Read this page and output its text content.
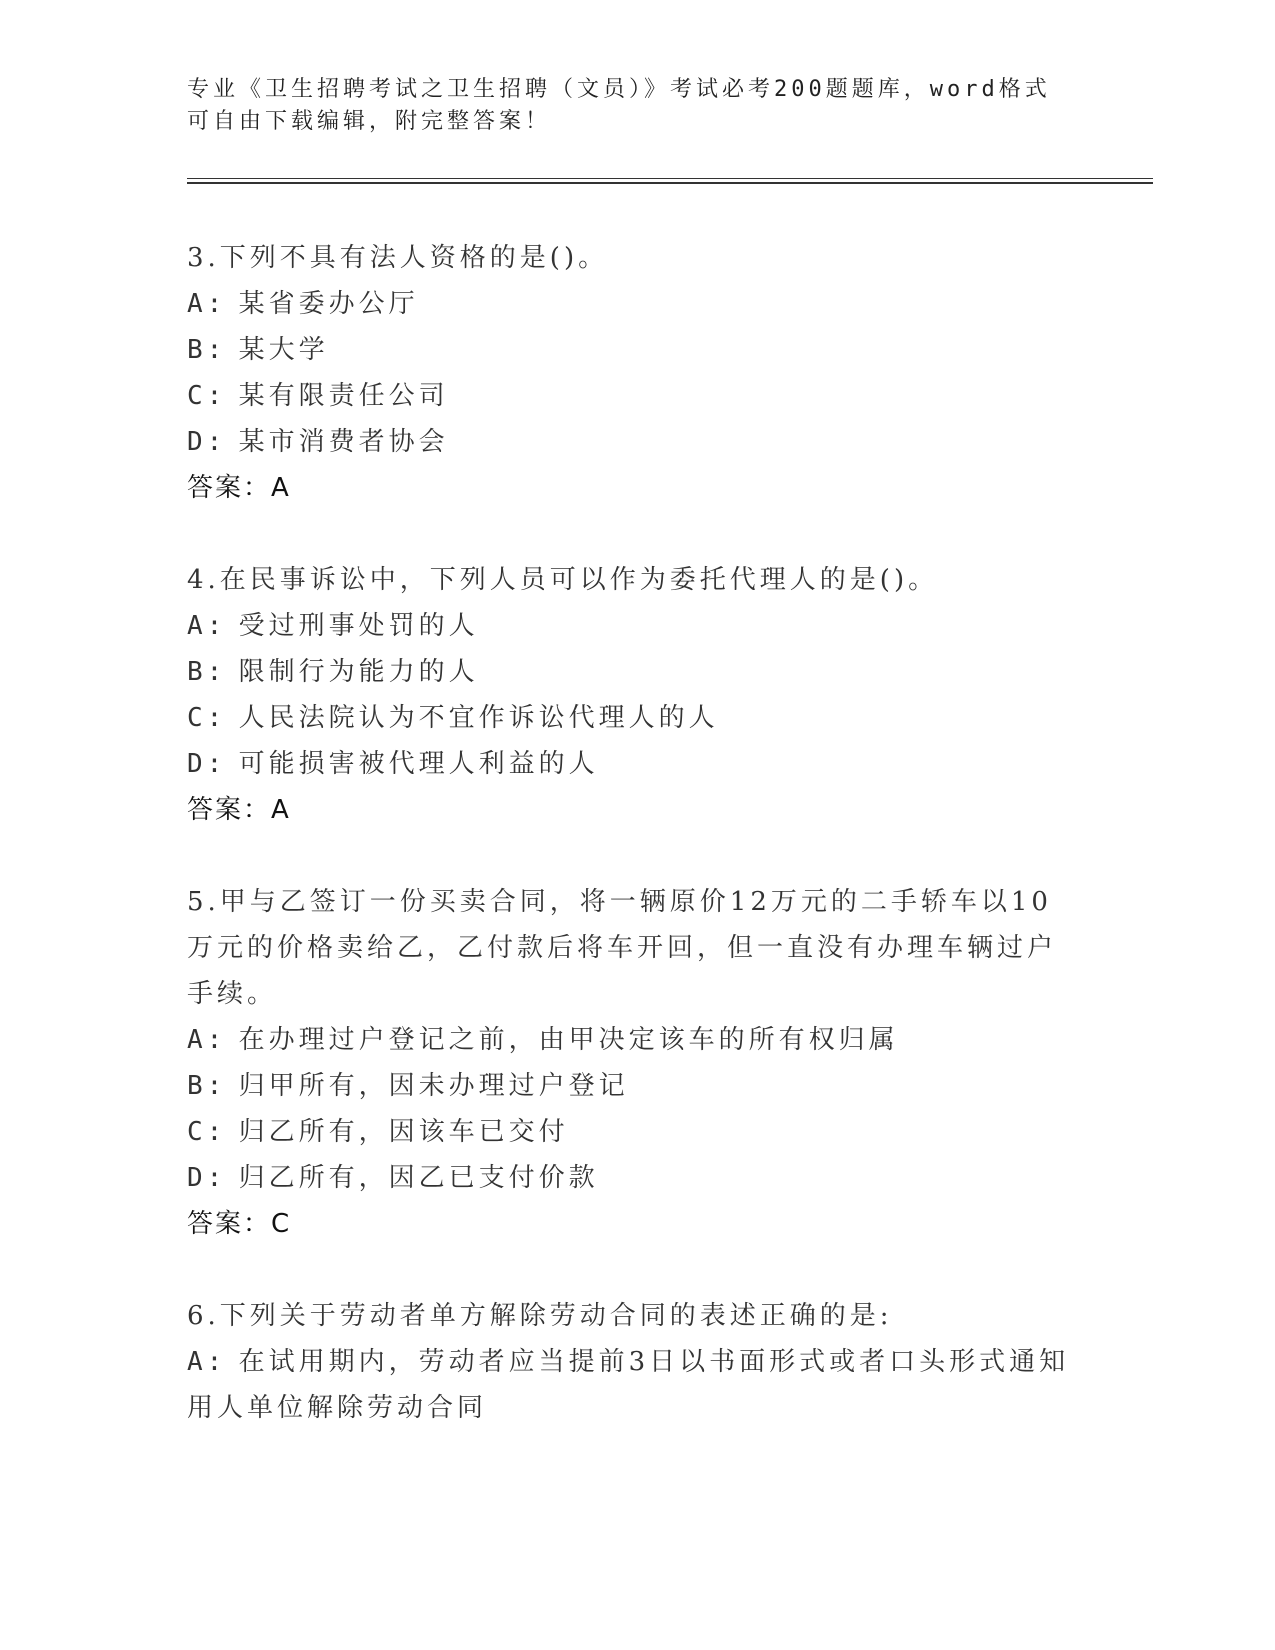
专业《卫生招聘考试之卫生招聘（文员）》考试必考200题题库，word格式可自由下载编辑，附完整答案！
3.下列不具有法人资格的是()。
A: 某省委办公厅
B: 某大学
C: 某有限责任公司
D: 某市消费者协会
答案：A
4.在民事诉讼中，下列人员可以作为委托代理人的是()。
A: 受过刑事处罚的人
B: 限制行为能力的人
C: 人民法院认为不宜作诉讼代理人的人
D: 可能损害被代理人利益的人
答案：A
5.甲与乙签订一份买卖合同，将一辆原价12万元的二手轿车以10万元的价格卖给乙，乙付款后将车开回，但一直没有办理车辆过户手续。
A: 在办理过户登记之前，由甲决定该车的所有权归属
B: 归甲所有，因未办理过户登记
C: 归乙所有，因该车已交付
D: 归乙所有，因乙已支付价款
答案：C
6.下列关于劳动者单方解除劳动合同的表述正确的是:
A: 在试用期内，劳动者应当提前3日以书面形式或者口头形式通知用人单位解除劳动合同
